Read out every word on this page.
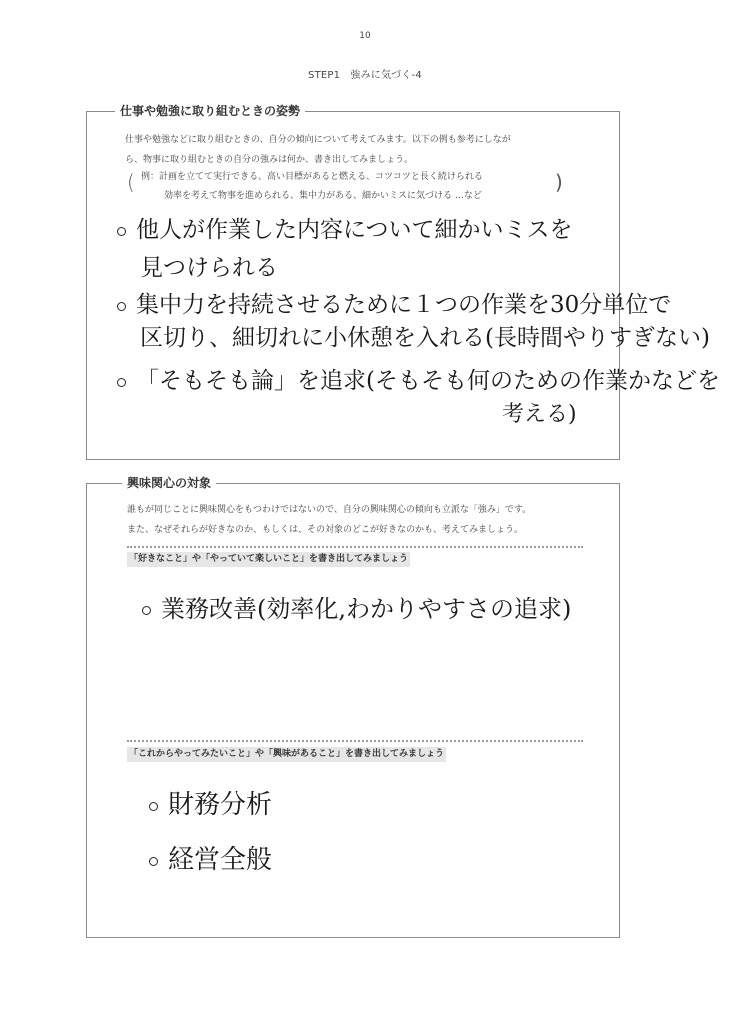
10
STEP1　強みに気づく-4
仕事や勉強に取り組むときの姿勢
仕事や勉強などに取り組むときの、自分の傾向について考えてみます。以下の例も参考にしなが
ら、物事に取り組むときの自分の強みは何か、書き出してみましょう。
( 例：計画を立てて実行できる、高い目標があると燃える、コツコツと長く続けられる
効率を考えて物事を進められる、集中力がある、細かいミスに気づける …など
)
他人が作業した内容について細かいミスを
見つけられる
集中力を持続させるために１つの作業を30分単位で
区切り、細切れに小休憩を入れる(長時間やりすぎない)
「そもそも論」を追求(そもそも何のための作業かなどを
考える)
興味関心の対象
誰もが同じことに興味関心をもつわけではないので、自分の興味関心の傾向も立派な「強み」です。
また、なぜそれらが好きなのか、もしくは、その対象のどこが好きなのかも、考えてみましょう。
「好きなこと」や「やっていて楽しいこと」を書き出してみましょう
業務改善(効率化,わかりやすさの追求)
「これからやってみたいこと」や「興味があること」を書き出してみましょう
財務分析
経営全般
